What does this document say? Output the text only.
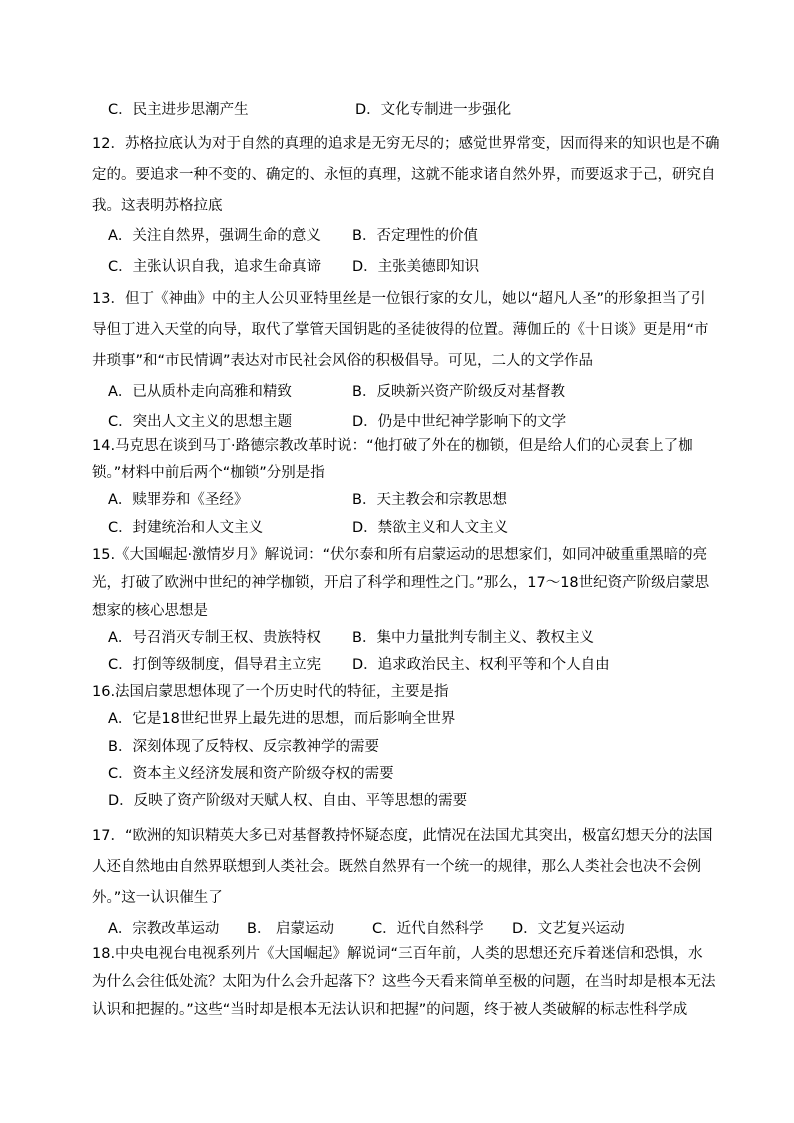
C．民主进步思潮产生	D．文化专制进一步强化
12．苏格拉底认为对于自然的真理的追求是无穷无尽的；感觉世界常变，因而得来的知识也是不确
定的。要追求一种不变的、确定的、永恒的真理，这就不能求诸自然外界，而要返求于己，研究自
我。这表明苏格拉底
A．关注自然界，强调生命的意义 B．否定理性的价值
C．主张认识自我，追求生命真谛 D．主张美德即知识
13．但丁《神曲》中的主人公贝亚特里丝是一位银行家的女儿，她以“超凡人圣”的形象担当了引
导但丁进入天堂的向导，取代了掌管天国钥匙的圣徒彼得的位置。薄伽丘的《十日谈》更是用“市
井琐事”和“市民情调”表达对市民社会风俗的积极倡导。可见，二人的文学作品
A．已从质朴走向高雅和精致	B．反映新兴资产阶级反对基督教
C．突出人文主义的思想主题	D．仍是中世纪神学影响下的文学
14.马克思在谈到马丁·路德宗教改革时说：“他打破了外在的枷锁，但是给人们的心灵套上了枷
锁。”材料中前后两个“枷锁”分别是指
A．赎罪券和《圣经》	B．天主教会和宗教思想
C．封建统治和人文主义	D．禁欲主义和人文主义
15.《大国崛起·激情岁月》解说词：“伏尔泰和所有启蒙运动的思想家们，如同冲破重重黑暗的亮
光，打破了欧洲中世纪的神学枷锁，开启了科学和理性之门。”那么，17～18世纪资产阶级启蒙思
想家的核心思想是
A．号召消灭专制王权、贵族特权 B．集中力量批判专制主义、教权主义
C．打倒等级制度，倡导君主立宪 D．追求政治民主、权利平等和个人自由
16.法国启蒙思想体现了一个历史时代的特征，主要是指
A．它是18世纪世界上最先进的思想，而后影响全世界
B．深刻体现了反特权、反宗教神学的需要
C．资本主义经济发展和资产阶级夺权的需要
D．反映了资产阶级对天赋人权、自由、平等思想的需要
17．“欧洲的知识精英大多已对基督教持怀疑态度，此情况在法国尤其突出，极富幻想天分的法国
人还自然地由自然界联想到人类社会。既然自然界有一个统一的规律，那么人类社会也决不会例
外。”这一认识催生了
A．宗教改革运动 B． 启蒙运动	C．近代自然科学 D．文艺复兴运动
18.中央电视台电视系列片《大国崛起》解说词“三百年前，人类的思想还充斥着迷信和恐惧，水
为什么会往低处流？太阳为什么会升起落下？这些今天看来简单至极的问题，在当时却是根本无法
认识和把握的。”这些“当时却是根本无法认识和把握”的问题，终于被人类破解的标志性科学成
